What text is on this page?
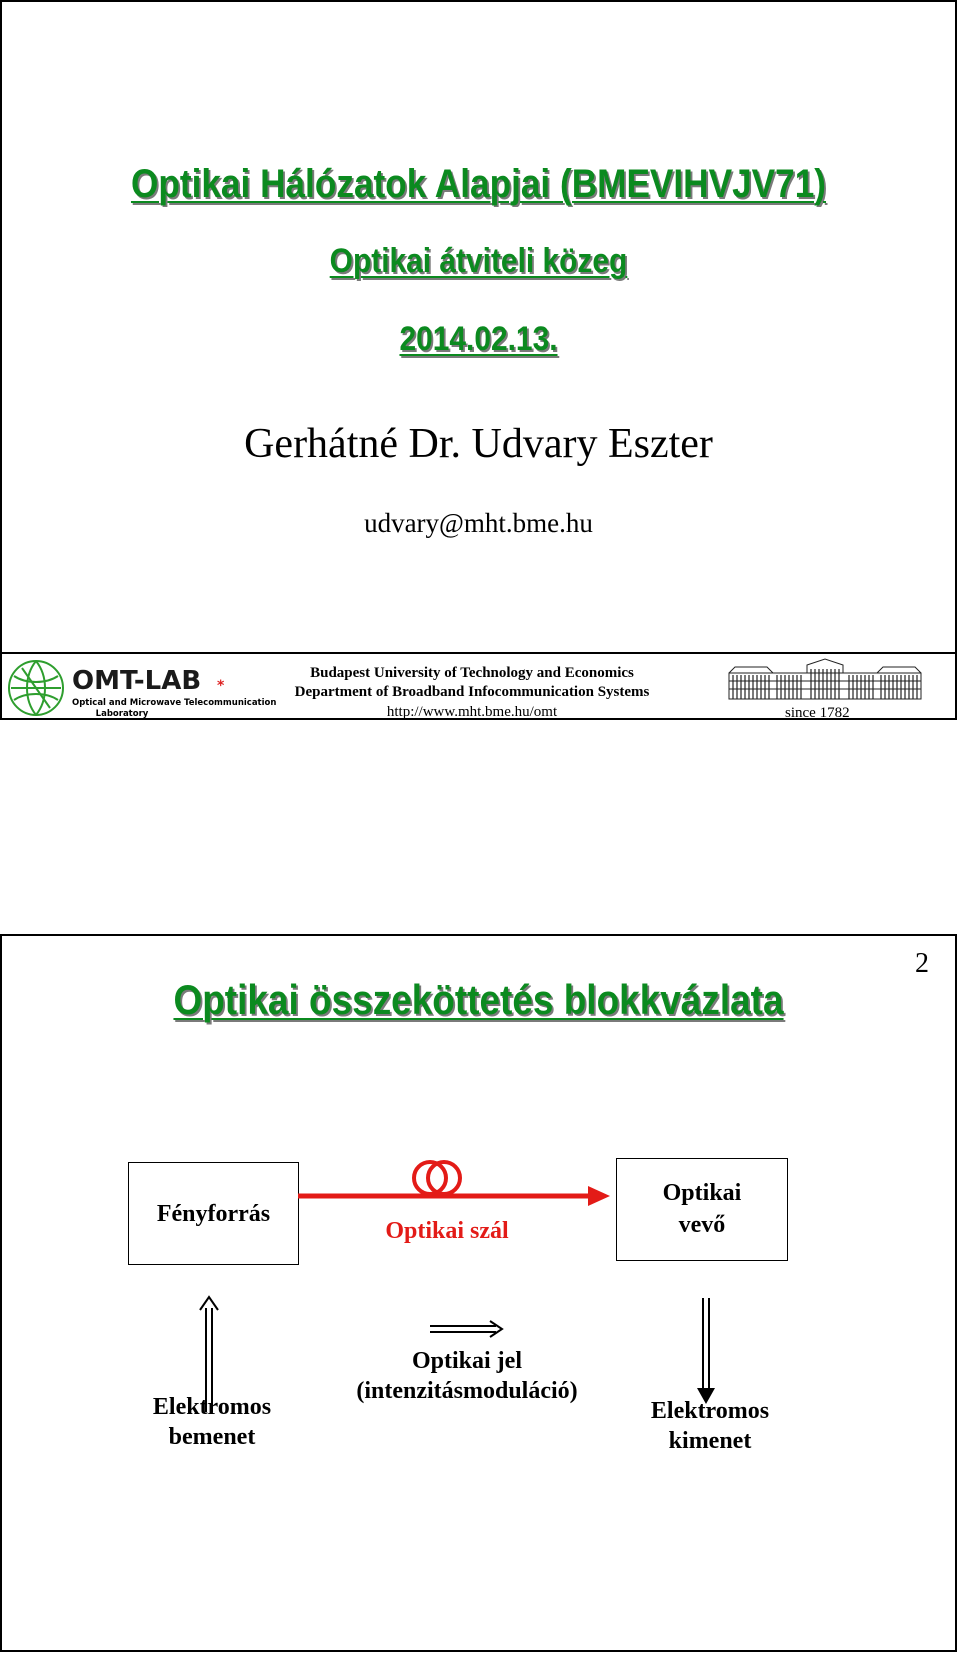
Optikai Hálózatok Alapjai (BMEVIHVJV71)
Optikai átviteli közeg
2014.02.13.
Gerhátné Dr. Udvary Eszter
udvary@mht.bme.hu
OMT-LAB
Optical and Microwave Telecommunication
Laboratory
*
Budapest University of Technology and Economics
Department of Broadband Infocommunication Systems
http://www.mht.bme.hu/omt	since 1782
2
Optikai összeköttetés blokkvázlata
Fényforrás
Optikai szál
Optikai
vevő
Elektromos
bemenet
Optikai jel
(intenzitásmoduláció)
Elektromos
kimenet
